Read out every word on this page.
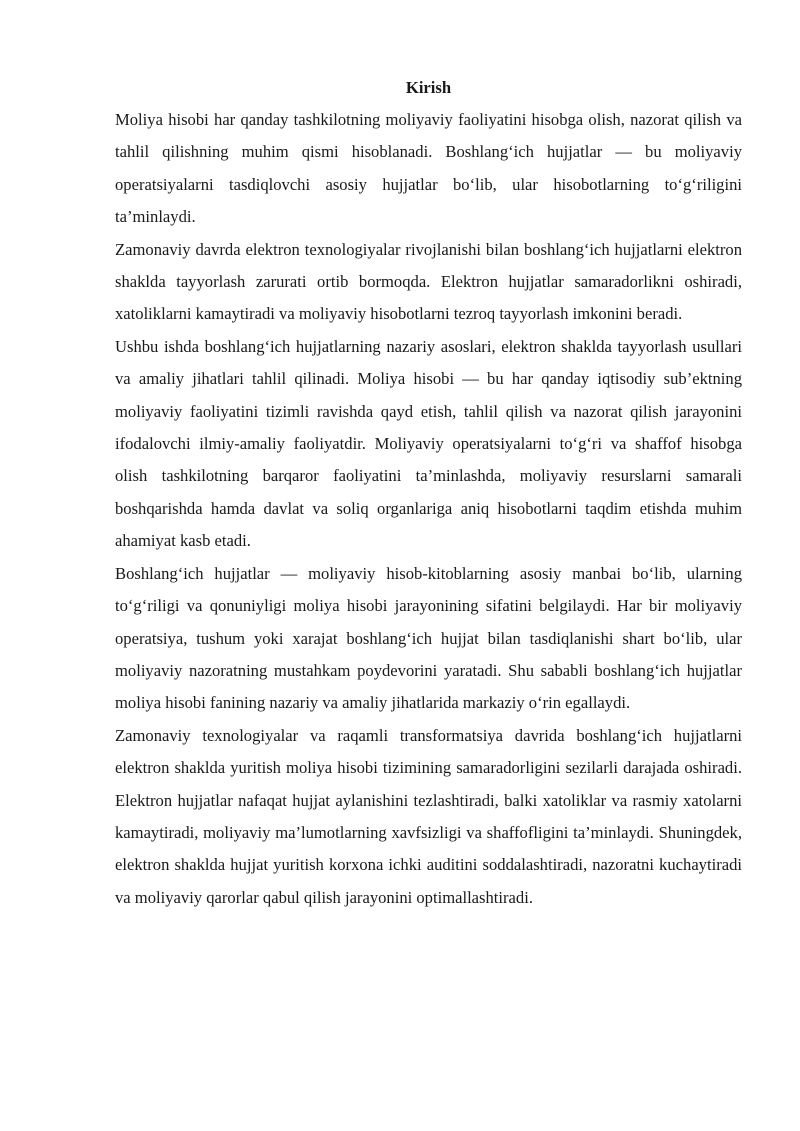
Kirish

Moliya hisobi har qanday tashkilotning moliyaviy faoliyatini hisobga olish, nazorat qilish va tahlil qilishning muhim qismi hisoblanadi. Boshlang‘ich hujjatlar — bu moliyaviy operatsiyalarni tasdiqlovchi asosiy hujjatlar bo‘lib, ular hisobotlarning to‘g‘riligini ta’minlaydi.

Zamonaviy davrda elektron texnologiyalar rivojlanishi bilan boshlang‘ich hujjatlarni elektron shaklda tayyorlash zarurati ortib bormoqda. Elektron hujjatlar samaradorlikni oshiradi, xatoliklarni kamaytiradi va moliyaviy hisobotlarni tezroq tayyorlash imkonini beradi.

Ushbu ishda boshlang‘ich hujjatlarning nazariy asoslari, elektron shaklda tayyorlash usullari va amaliy jihatlari tahlil qilinadi. Moliya hisobi — bu har qanday iqtisodiy sub’ektning moliyaviy faoliyatini tizimli ravishda qayd etish, tahlil qilish va nazorat qilish jarayonini ifodalovchi ilmiy-amaliy faoliyatdir. Moliyaviy operatsiyalarni to‘g‘ri va shaffof hisobga olish tashkilotning barqaror faoliyatini ta’minlashda, moliyaviy resurslarni samarali boshqarishda hamda davlat va soliq organlariga aniq hisobotlarni taqdim etishda muhim ahamiyat kasb etadi.

Boshlang‘ich hujjatlar — moliyaviy hisob-kitoblarning asosiy manbai bo‘lib, ularning to‘g‘riligi va qonuniyligi moliya hisobi jarayonining sifatini belgilaydi. Har bir moliyaviy operatsiya, tushum yoki xarajat boshlang‘ich hujjat bilan tasdiqlanishi shart bo‘lib, ular moliyaviy nazoratning mustahkam poydevorini yaratadi. Shu sababli boshlang‘ich hujjatlar moliya hisobi fanining nazariy va amaliy jihatlarida markaziy o‘rin egallaydi.

Zamonaviy texnologiyalar va raqamli transformatsiya davrida boshlang‘ich hujjatlarni elektron shaklda yuritish moliya hisobi tizimining samaradorligini sezilarli darajada oshiradi. Elektron hujjatlar nafaqat hujjat aylanishini tezlashtiradi, balki xatoliklar va rasmiy xatolarni kamaytiradi, moliyaviy ma’lumotlarning xavfsizligi va shaffofligini ta’minlaydi. Shuningdek, elektron shaklda hujjat yuritish korxona ichki auditini soddalashtiradi, nazoratni kuchaytiradi va moliyaviy qarorlar qabul qilish jarayonini optimallashtiradi.
